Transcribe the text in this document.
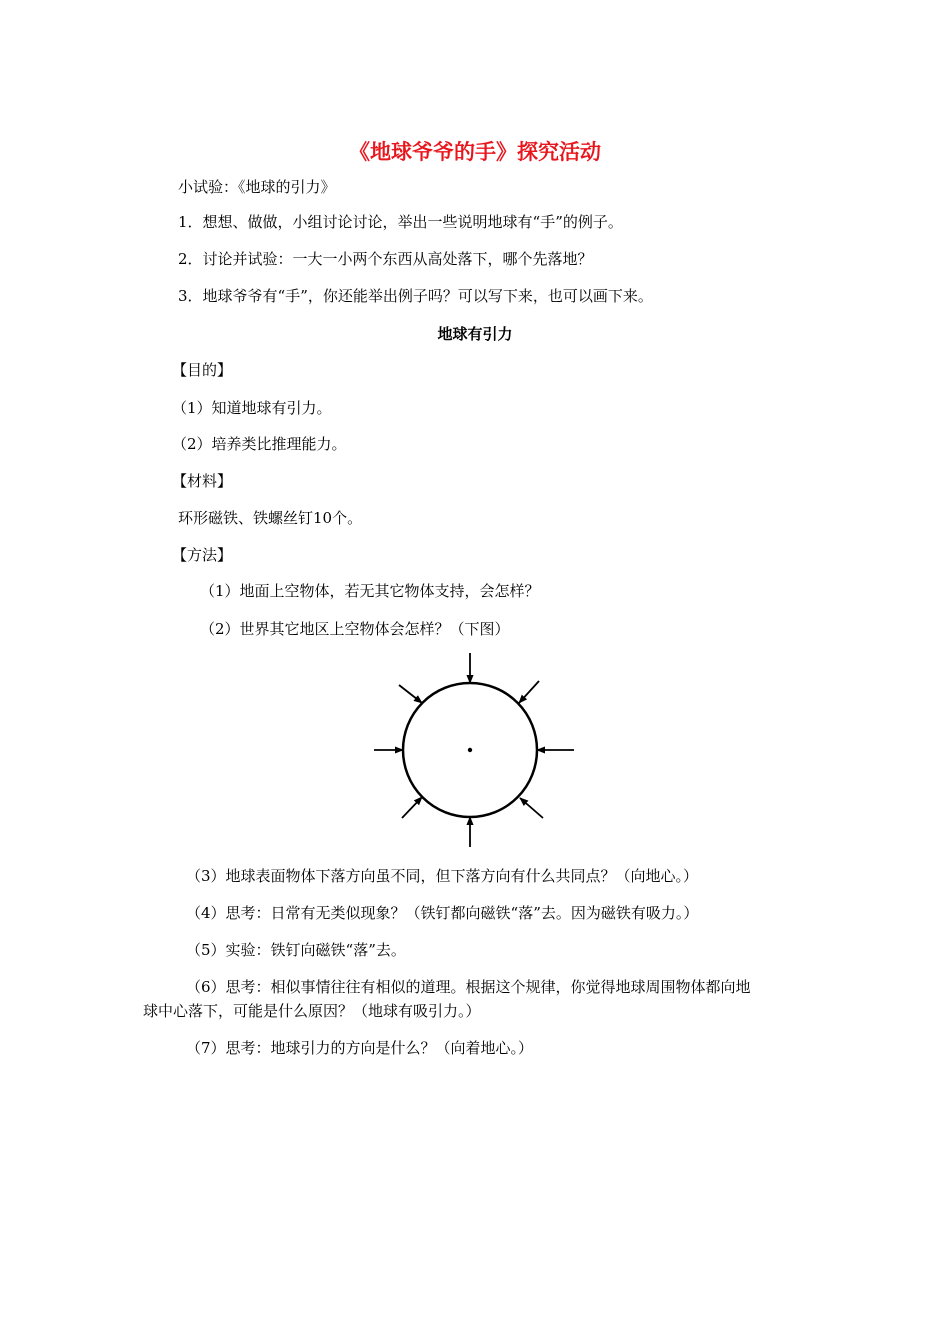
《地球爷爷的手》探究活动
小试验：《地球的引力》
1．想想、做做，小组讨论讨论，举出一些说明地球有“手”的例子。
2．讨论并试验：一大一小两个东西从高处落下，哪个先落地？
3．地球爷爷有“手”，你还能举出例子吗？可以写下来，也可以画下来。
地球有引力
【目的】
（1）知道地球有引力。
（2）培养类比推理能力。
【材料】
环形磁铁、铁螺丝钉10个。
【方法】
（1）地面上空物体，若无其它物体支持，会怎样？
（2）世界其它地区上空物体会怎样？（下图）
（3）地球表面物体下落方向虽不同，但下落方向有什么共同点？（向地心。）
（4）思考：日常有无类似现象？（铁钉都向磁铁“落”去。因为磁铁有吸力。）
（5）实验：铁钉向磁铁“落”去。
（6）思考：相似事情往往有相似的道理。根据这个规律，你觉得地球周围物体都向地
球中心落下，可能是什么原因？（地球有吸引力。）
（7）思考：地球引力的方向是什么？（向着地心。）
